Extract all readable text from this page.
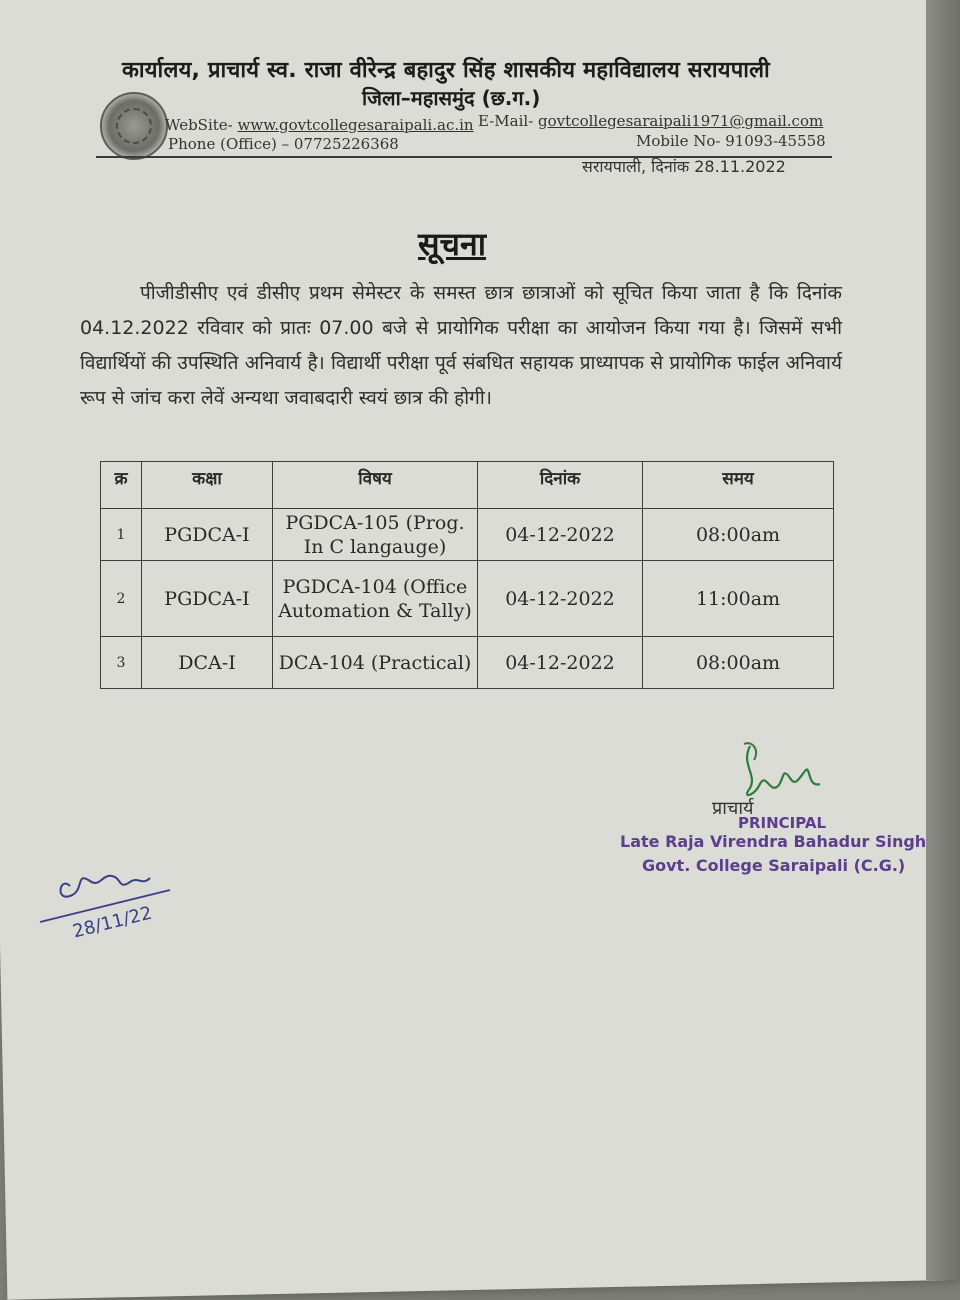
कार्यालय, प्राचार्य स्व. राजा वीरेन्द्र बहादुर सिंह शासकीय महाविद्यालय सरायपाली
जिला–महासमुंद (छ.ग.)
WebSite- www.govtcollegesaraipali.ac.in E-Mail- govtcollegesaraipali1971@gmail.com
Phone (Office) – 07725226368	Mobile No- 91093-45558
सरायपाली, दिनांक 28.11.2022
सूचना
पीजीडीसीए एवं डीसीए प्रथम सेमेस्टर के समस्त छात्र छात्राओं को सूचित किया जाता है कि दिनांक 04.12.2022 रविवार को प्रातः 07.00 बजे से प्रायोगिक परीक्षा का आयोजन किया गया है। जिसमें सभी विद्यार्थियों की उपस्थिति अनिवार्य है। विद्यार्थी परीक्षा पूर्व संबधित सहायक प्राध्यापक से प्रायोगिक फाईल अनिवार्य रूप से जांच करा लेवें अन्यथा जवाबदारी स्वयं छात्र की होगी।
क्र	कक्षा	विषय	दिनांक	समय
1	PGDCA-I	PGDCA-105 (Prog. In C langauge)	04-12-2022	08:00am
2	PGDCA-I	PGDCA-104 (Office Automation & Tally)	04-12-2022	11:00am
3	DCA-I	DCA-104 (Practical)	04-12-2022	08:00am
प्राचार्य
PRINCIPAL
Late Raja Virendra Bahadur Singh
Govt. College Saraipali (C.G.)
28/11/22
